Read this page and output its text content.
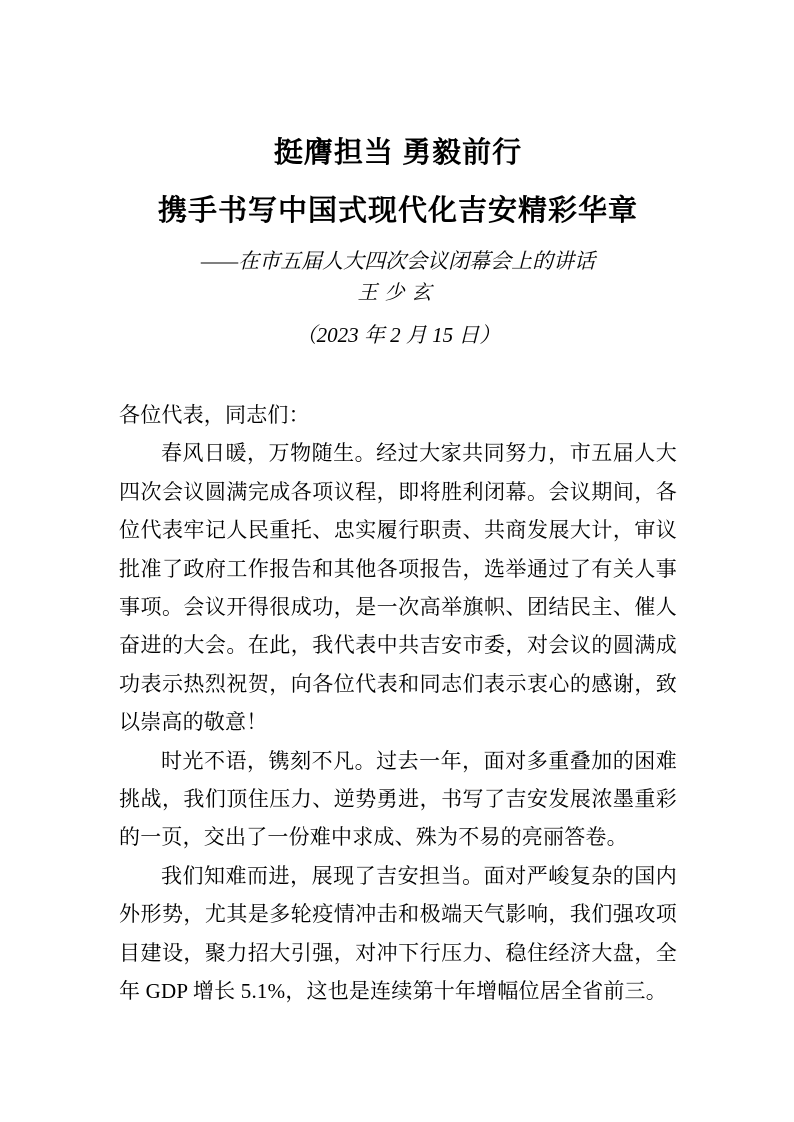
挺膺担当 勇毅前行
携手书写中国式现代化吉安精彩华章
——在市五届人大四次会议闭幕会上的讲话
王少玄
（2023 年 2 月 15 日）

各位代表，同志们：

春风日暖，万物随生。经过大家共同努力，市五届人大四次会议圆满完成各项议程，即将胜利闭幕。会议期间，各位代表牢记人民重托、忠实履行职责、共商发展大计，审议批准了政府工作报告和其他各项报告，选举通过了有关人事事项。会议开得很成功，是一次高举旗帜、团结民主、催人奋进的大会。在此，我代表中共吉安市委，对会议的圆满成功表示热烈祝贺，向各位代表和同志们表示衷心的感谢，致以崇高的敬意！

时光不语，镌刻不凡。过去一年，面对多重叠加的困难挑战，我们顶住压力、逆势勇进，书写了吉安发展浓墨重彩的一页，交出了一份难中求成、殊为不易的亮丽答卷。

我们知难而进，展现了吉安担当。面对严峻复杂的国内外形势，尤其是多轮疫情冲击和极端天气影响，我们强攻项目建设，聚力招大引强，对冲下行压力、稳住经济大盘，全年 GDP 增长 5.1%，这也是连续第十年增幅位居全省前三。
